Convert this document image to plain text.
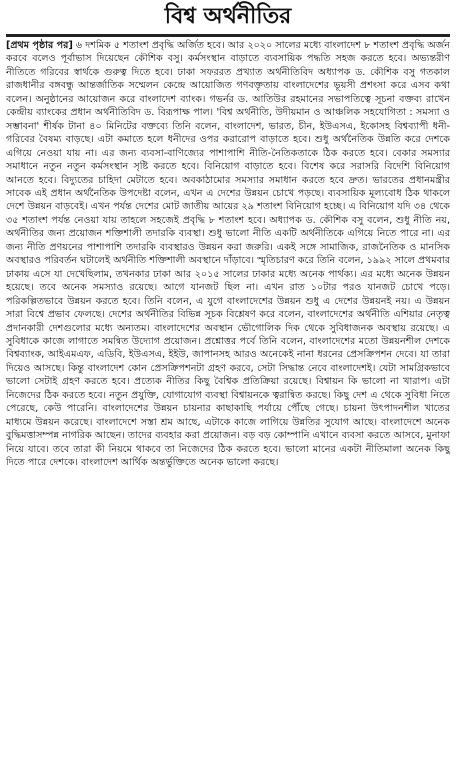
বিশ্ব অর্থনীতির
[প্রথম পৃষ্ঠার পর] ৬ দশমিক ৫ শতাংশ প্রবৃদ্ধি অর্জিত হবে। আর ২০২০ সালের মধ্যে বাংলাদেশ ৮ শতাংশ প্রবৃদ্ধি অর্জন করবে বলেও পূর্বাভাস দিয়েছেন কৌশিক বসু। কর্মসংস্থান বাড়াতে ব্যবসায়িক পদ্ধতি সহজ করতে হবে। অভ্যন্তরীণ নীতিতে গরিবের স্বার্থকে গুরুত্ব দিতে হবে। ঢাকা সফররত প্রখ্যাত অর্থনীতিবিদ অধ্যাপক ড. কৌশিক বসু গতকাল রাজধানীর বঙ্গবন্ধু আন্তর্জাতিক সম্মেলন কেন্দ্রে আয়োজিত গণবক্তৃতায় বাংলাদেশের ভূয়সী প্রশংসা করে এসব কথা বলেন। অনুষ্ঠানের আয়োজন করে বাংলাদেশ ব্যাংক। গভর্নর ড. আতিউর রহমানের সভাপতিত্বে সূচনা বক্তব্য রাখেন কেন্দ্রীয় ব্যাংকের প্রধান অর্থনীতিবিদ ড. বিরূপাক্ষ পাল। 'বিশ্ব অর্থনীতি, উদীয়মান ও আঞ্চলিক সহযোগিতা : সমস্যা ও সম্ভাবনা' শীর্ষক টানা ৪০ মিনিটের বক্তব্যে তিনি বলেন, বাংলাদেশ, ভারত, চীন, ইউএসএ, ইকোসহ বিশ্বব্যাপী ধনী-গরিবের বৈষম্য বাড়ছে। এটা কমাতে হলে ধনীদের ওপর করারোপ বাড়াতে হবে। শুধু অর্থনৈতিক উন্নতি করে দেশকে এগিয়ে নেওয়া যায় না। এর জন্য ব্যবসা-বাণিজ্যের পাশাপাশি নীতি-নৈতিকতাকে ঠিক করতে হবে। বেকার সমস্যার সমাধানে নতুন নতুন কর্মসংস্থান সৃষ্টি করতে হবে। বিনিয়োগ বাড়াতে হবে। বিশেষ করে সরাসরি বিদেশি বিনিয়োগ আনতে হবে। বিদ্যুতের চাহিদা মেটাতে হবে। অবকাঠামোর সমস্যার সমাধান করতে হবে দ্রুত। ভারতের প্রধানমন্ত্রীর সাবেক এই প্রধান অর্থনৈতিক উপদেষ্টা বলেন, এখন এ দেশের উন্নয়ন চোখে পড়ছে। ব্যবসায়িক মূল্যবোধ ঠিক থাকলে দেশে উন্নয়ন বাড়বেই। এখন পর্যন্ত দেশের মোট জাতীয় আয়ের ২৯ শতাংশ বিনিয়োগ হচ্ছে। এ বিনিয়োগ যদি ৩৪ থেকে ৩৫ শতাংশ পর্যন্ত নেওয়া যায় তাহলে সহজেই প্রবৃদ্ধি ৮ শতাংশ হবে। অধ্যাপক ড. কৌশিক বসু বলেন, শুধু নীতি নয়, অর্থনীতির জন্য প্রয়োজন শক্তিশালী তদারকি ব্যবস্থা। শুধু ভালো নীতি একটি অর্থনীতিকে এগিয়ে নিতে পারে না। এর জন্য নীতি প্রণয়নের পাশাপাশি তদারকি ব্যবস্থারও উন্নয়ন করা জরুরি। একই সঙ্গে সামাজিক, রাজনৈতিক ও মানসিক অবস্থারও পরিবর্তন ঘটালেই অর্থনীতি শক্তিশালী অবস্থানে দাঁড়াবে। স্মৃতিচারণ করে তিনি বলেন, ১৯৯২ সালে প্রথমবার ঢাকায় এসে যা দেখেছিলাম, তখনকার ঢাকা আর ২০১৫ সালের ঢাকার মধ্যে অনেক পার্থক্য। এর মধ্যে অনেক উন্নয়ন হয়েছে। তবে অনেক সমস্যাও রয়েছে। আগে যানজট ছিল না। এখন রাত ১০টার পরও যানজট চোখে পড়ে। পরিকল্পিতভাবে উন্নয়ন করতে হবে। তিনি বলেন, এ যুগে বাংলাদেশের উন্নয়ন শুধু এ দেশের উন্নয়নই নয়। এ উন্নয়ন সারা বিশ্বে প্রভাব ফেলছে। দেশের অর্থনীতির বিভিন্ন সূচক বিশ্লেষণ করে বলেন, বাংলাদেশের অর্থনীতি এশিয়ার নেতৃত্ব প্রদানকারী দেশগুলোর মধ্যে অন্যতম। বাংলাদেশের অবস্থান ভৌগোলিক দিক থেকে সুবিধাজনক অবস্থায় রয়েছে। এ সুবিধাকে কাজে লাগাতে সমন্বিত উদ্যোগ প্রয়োজন। প্রশ্নোত্তর পর্বে তিনি বলেন, বাংলাদেশের মতো উন্নয়নশীল দেশকে বিশ্বব্যাংক, আইএমএফ, এডিবি, ইউএসএ, ইইউ, জাপানসহ আরও অনেকেই নানা ধরনের প্রেসক্রিপশন দেবে। যা তারা দিয়েও আসছে। কিন্তু বাংলাদেশ কোন প্রেসক্রিপশনটা গ্রহণ করবে, সেটা সিদ্ধান্ত নেবে বাংলাদেশই। যেটা সামগ্রিকভাবে ভালো সেটাই গ্রহণ করতে হবে। প্রত্যেক নীতির কিছু বৈশ্বিক প্রতিক্রিয়া রয়েছে। বিশ্বায়ন কি ভালো না খারাপ। এটা নিজেদের ঠিক করতে হবে। নতুন প্রযুক্তি, যোগাযোগ ব্যবস্থা বিশ্বায়নকে ত্বরান্বিত করছে। কিছু দেশ এ থেকে সুবিধা নিতে পেরেছে, কেউ পারেনি। বাংলাদেশের উন্নয়ন চায়নার কাছাকাছি পর্যায়ে পৌঁছে গেছে। চায়না উৎপাদনশীল খাতের মাধ্যমে উন্নয়ন করেছে। বাংলাদেশে সস্তা শ্রম আছে, এটাকে কাজে লাগিয়ে উন্নতির সুযোগ আছে। বাংলাদেশে অনেক বুদ্ধিমত্তাসম্পন্ন নাগরিক আছেন। তাদের ব্যবহার করা প্রয়োজন। বড় বড় কোম্পানি এখানে ব্যবসা করতে আসবে, মুনাফা নিয়ে যাবে। তবে তারা কী নিয়মে থাকবে তা নিজেদের ঠিক করতে হবে। ভালো মানের একটা নীতিমালা অনেক কিছু দিতে পারে দেশকে। বাংলাদেশ আর্থিক অন্তর্ভুক্তিতে অনেক ভালো করছে।
